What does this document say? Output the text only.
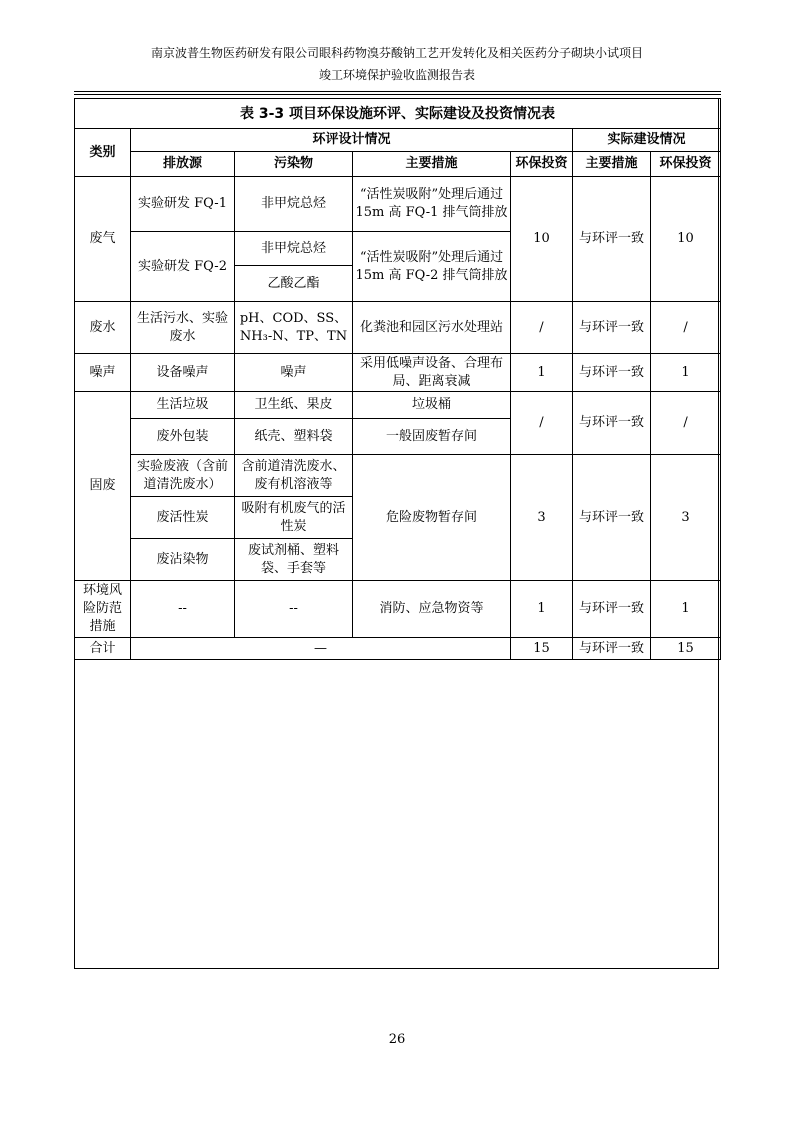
南京波普生物医药研发有限公司眼科药物溴芬酸钠工艺开发转化及相关医药分子砌块小试项目
竣工环境保护验收监测报告表
表 3-3 项目环保设施环评、实际建设及投资情况表						
类别	环评设计情况				实际建设情况	
	排放源	污染物	主要措施	环保投资	主要措施	环保投资
废气	实验研发 FQ-1	非甲烷总烃	“活性炭吸附”处理后通过 15m 高 FQ-1 排气筒排放	10	与环评一致	10
	实验研发 FQ-2	非甲烷总烃	“活性炭吸附”处理后通过 15m 高 FQ-2 排气筒排放			
		乙酸乙酯				
废水	生活污水、实验废水	pH、COD、SS、NH₃-N、TP、TN	化粪池和园区污水处理站	/	与环评一致	/
噪声	设备噪声	噪声	采用低噪声设备、合理布局、距离衰减	1	与环评一致	1
固废	生活垃圾	卫生纸、果皮	垃圾桶	/	与环评一致	/
	废外包装	纸壳、塑料袋	一般固废暂存间			
	实验废液（含前道清洗废水）	含前道清洗废水、废有机溶液等	危险废物暂存间	3	与环评一致	3
	废活性炭	吸附有机废气的活性炭				
	废沾染物	废试剂桶、塑料袋、手套等				
环境风险防范措施	--	--	消防、应急物资等	1	与环评一致	1
合计	—			15	与环评一致	15
26
